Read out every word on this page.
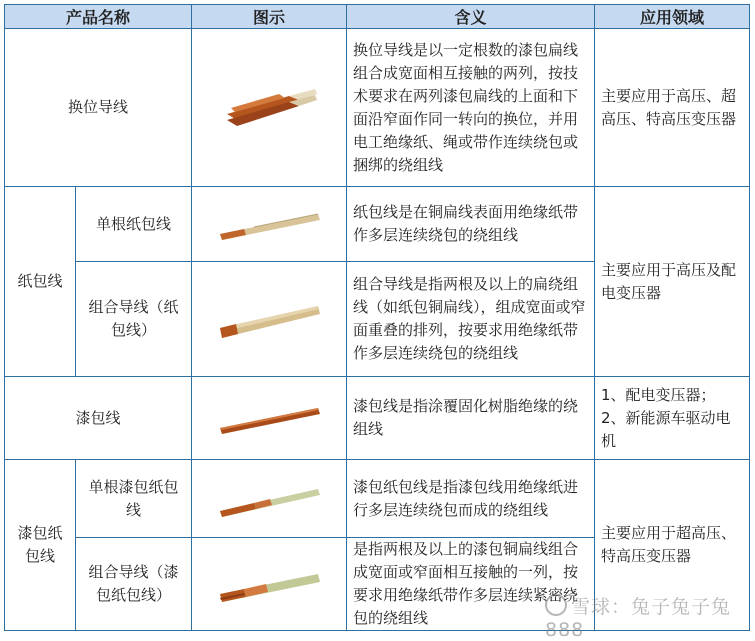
产品名称		图示	含义	应用领域
换位导线			换位导线是以一定根数的漆包扁线组合成宽面相互接触的两列，按技术要求在两列漆包扁线的上面和下面沿窄面作同一转向的换位，并用电工绝缘纸、绳或带作连续绕包或捆绑的绕组线	主要应用于高压、超高压、特高压变压器
纸包线	单根纸包线		纸包线是在铜扁线表面用绝缘纸带作多层连续绕包的绕组线	主要应用于高压及配电变压器
	组合导线（纸包线）		组合导线是指两根及以上的扁绕组线（如纸包铜扁线），组成宽面或窄面重叠的排列，按要求用绝缘纸带作多层连续绕包的绕组线	
漆包线			漆包线是指涂覆固化树脂绝缘的绕组线	1、配电变压器；
2、新能源车驱动电机

漆包纸包线	单根漆包纸包线		漆包纸包线是指漆包线用绝缘纸进行多层连续绕包而成的绕组线	主要应用于超高压、特高压变压器
	组合导线（漆包纸包线）		是指两根及以上的漆包铜扁线组合成宽面或窄面相互接触的一列，按要求用绝缘纸带作多层连续紧密绕包的绕组线		雪球：兔子兔子兔888
